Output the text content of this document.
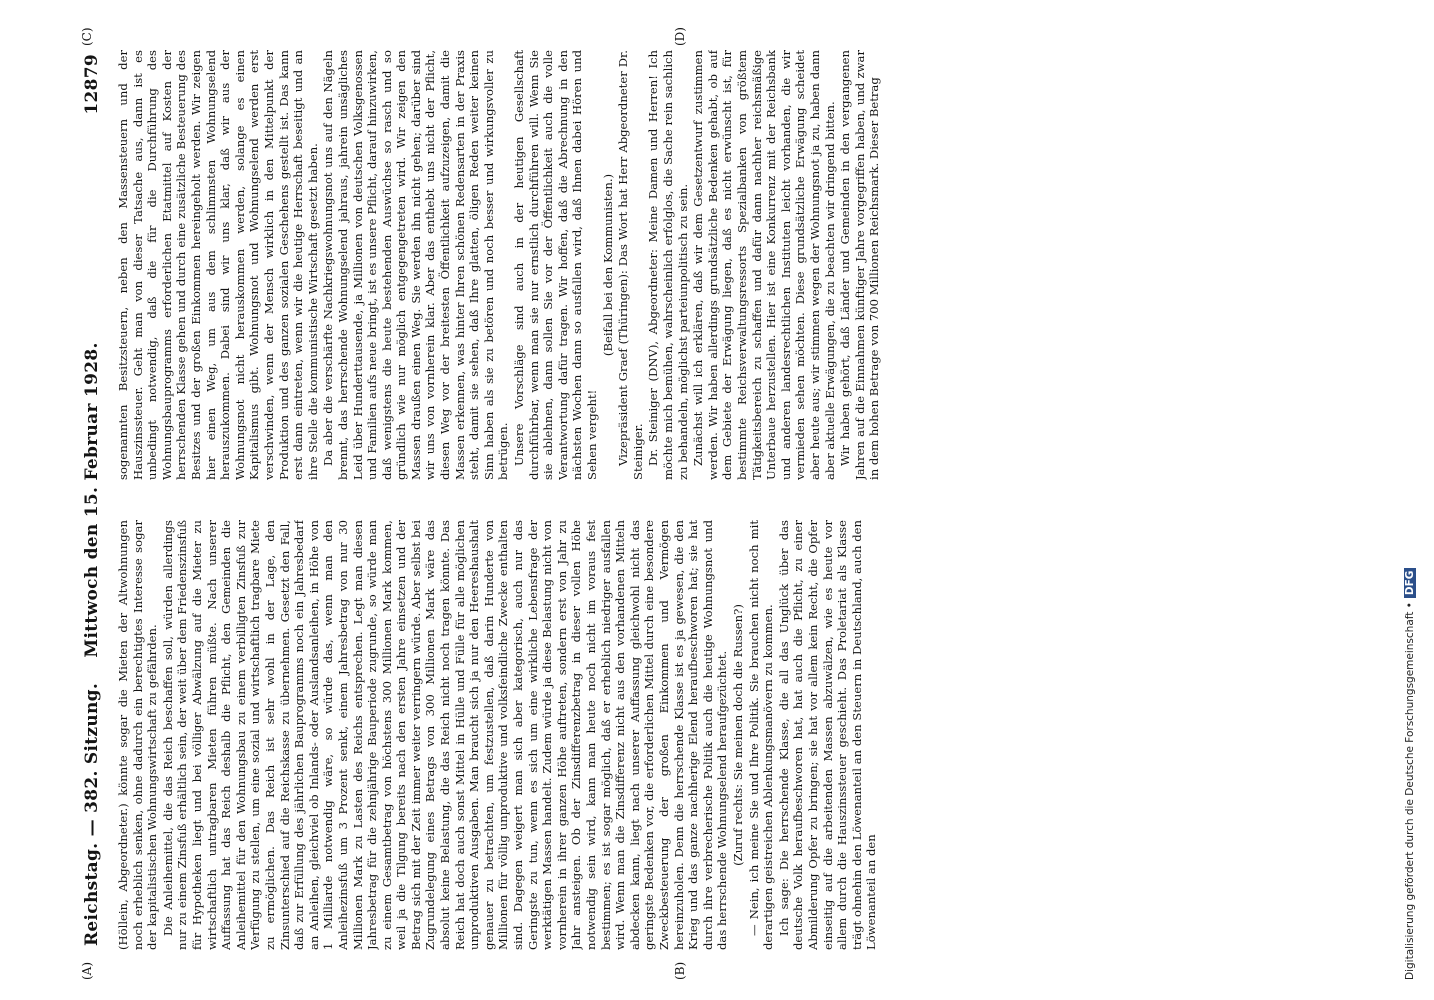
Reichstag. — 382. Sitzung.
Mittwoch den 15. Februar 1928.
12879

(Höllein, Abgeordneter.) könnte sogar die Mieten der Altwohnungen noch erheblich senken, ohne dadurch ein berechtigtes Interesse sogar der kapitalistischen Wohnungswirtschaft zu gefährden. Die Anleihemittel, die das Reich beschaffen soll, würden allerdings nur zu einem Zinsfuß erhältlich sein, der weit über dem Friedenszinsfuß für Hypotheken liegt und bei völliger Abwälzung auf die Mieter zu wirtschaftlich untragbaren Mieten führen müßte. Nach unserer Auffassung hat das Reich deshalb die Pflicht, den Gemeinden die Anleihemittel für den Wohnungsbau zu einem verbilligten Zinsfuß zur Verfügung zu stellen, um eine sozial und wirtschaftlich tragbare Miete zu ermöglichen. Das Reich ist sehr wohl in der Lage, den Zinsunterschied auf die Reichskasse zu übernehmen. Gesetzt den Fall, daß zur Erfüllung des jährlichen Bauprogramms noch ein Jahresbedarf an Anleihen, gleichviel ob Inlands- oder Auslandsanleihen, in Höhe von 1 Milliarde notwendig wäre, so würde das, wenn man den Anleihezinsfuß um 3 Prozent senkt, einem Jahresbetrag von nur 30 Millionen Mark zu Lasten des Reichs entsprechen. Legt man diesen Jahresbetrag für die zehnjährige Bauperiode zugrunde, so würde man zu einem Gesamtbetrag von höchstens 300 Millionen Mark kommen, weil ja die Tilgung bereits nach den ersten Jahre einsetzen und der Betrag sich mit der Zeit immer weiter verringern würde. Aber selbst bei Zugrundelegung eines Betrags von 300 Millionen Mark wäre das absolut keine Belastung, die das Reich nicht noch tragen könnte. Das Reich hat doch auch sonst Mittel in Hülle und Fülle für alle möglichen unproduktiven Ausgaben. Man braucht sich ja nur den Heereshaushalt genauer zu betrachten, um festzustellen, daß darin Hunderte von Millionen für völlig unproduktive und volksfeindliche Zwecke enthalten sind. Dagegen weigert man sich aber kategorisch, auch nur das Geringste zu tun, wenn es sich um eine wirkliche Lebensfrage der werktätigen Massen handelt. Zudem würde ja diese Belastung nicht von vornherein in ihrer ganzen Höhe auftreten, sondern erst von Jahr zu Jahr ansteigen. Ob der Zinsdifferenzbetrag in dieser vollen Höhe notwendig sein wird, kann man heute noch nicht im voraus fest bestimmen; es ist sogar möglich, daß er erheblich niedriger ausfallen wird. Wenn man die Zinsdifferenz nicht aus den vorhandenen Mitteln abdecken kann, liegt nach unserer Auffassung gleichwohl nicht das geringste Bedenken vor, die erforderlichen Mittel durch eine besondere Zweckbesteuerung der großen Einkommen und Vermögen hereinzuholen. Denn die herrschende Klasse ist es ja gewesen, die den Krieg und das ganze nachherige Elend heraufbeschworen hat; sie hat durch ihre verbrecherische Politik auch die heutige Wohnungsnot und das herrschende Wohnungselend heraufgezüchtet. (Zuruf rechts: Sie meinen doch die Russen?) — Nein, ich meine Sie und Ihre Politik. Sie brauchen nicht noch mit derartigen geistreichen Ablenkungsmanövern zu kommen. Ich sage: Die herrschende Klasse, die all das Unglück über das deutsche Volk heraufbeschworen hat, hat auch die Pflicht, zu einer Abmilderung Opfer zu bringen; sie hat vor allem kein Recht, die Opfer einseitig auf die arbeitenden Massen abzuwälzen, wie es heute vor allem durch die Hauszinssteuer geschieht. Das Proletariat als Klasse trägt ohnehin den Löwenanteil an den Steuern in Deutschland, auch den Löwenanteil an den

sogenannten Besitzsteuern, neben den Massensteuern und der Hauszinssteuer. Geht man von dieser Tatsache aus, dann ist es unbedingt notwendig, daß die für die Durchführung des Wohnungsbauprogramms erforderlichen Etatmittel auf Kosten der herrschenden Klasse gehen und durch eine zusätzliche Besteuerung des Besitzes und der großen Einkommen hereingeholt werden. Wir zeigen hier einen Weg, um aus dem schlimmsten Wohnungselend herauszukommen. Dabei sind wir uns klar, daß wir aus der Wohnungsnot nicht herauskommen werden, solange es einen Kapitalismus gibt. Wohnungsnot und Wohnungselend werden erst verschwinden, wenn der Mensch wirklich in den Mittelpunkt der Produktion und des ganzen sozialen Geschehens gestellt ist. Das kann erst dann eintreten, wenn wir die heutige Herrschaft beseitigt und an ihre Stelle die kommunistische Wirtschaft gesetzt haben. Da aber die verschärfte Nachkriegswohnungsnot uns auf den Nägeln brennt, das herrschende Wohnungselend jahraus, jahrein unsägliches Leid über Hunderttausende, ja Millionen von deutschen Volksgenossen und Familien aufs neue bringt, ist es unsere Pflicht, darauf hinzuwirken, daß wenigstens die heute bestehenden Auswüchse so rasch und so gründlich wie nur möglich entgegengetreten wird. Wir zeigen den Massen draußen einen Weg. Sie werden ihn nicht gehen; darüber sind wir uns von vornherein klar. Aber das enthebt uns nicht der Pflicht, diesen Weg vor der breitesten Öffentlichkeit aufzuzeigen, damit die Massen erkennen, was hinter Ihren schönen Redensarten in der Praxis steht, damit sie sehen, daß Ihre glatten, öligen Reden weiter keinen Sinn haben als sie zu betören und noch besser und wirkungsvoller zu betrügen. Unsere Vorschläge sind auch in der heutigen Gesellschaft durchführbar, wenn man sie nur ernstlich durchführen will. Wenn Sie sie ablehnen, dann sollen Sie vor der Öffentlichkeit auch die volle Verantwortung dafür tragen. Wir hoffen, daß die Abrechnung in den nächsten Wochen dann so ausfallen wird, daß Ihnen dabei Hören und Sehen vergeht!

(Beifall bei den Kommunisten.) Vizepräsident Graef (Thüringen): Das Wort hat Herr Abgeordneter Dr. Steiniger. Dr. Steiniger (DNV), Abgeordneter: Meine Damen und Herren! Ich möchte mich bemühen, wahrscheinlich erfolglos, die Sache rein sachlich zu behandeln, möglichst parteiunpolitisch zu sein. Zunächst will ich erklären, daß wir dem Gesetzentwurf zustimmen werden. Wir haben allerdings grundsätzliche Bedenken gehabt, ob auf dem Gebiete der Erwägung liegen, daß es nicht erwünscht ist, für bestimmte Reichsverwaltungsressorts Spezialbanken von größtem Tätigkeitsbereich zu schaffen und dafür dann nachher reichsmäßige Unterbaue herzustellen. Hier ist eine Konkurrenz mit der Reichsbank und anderen landesrechtlichen Instituten leicht vorhanden, die wir vermieden sehen möchten. Diese grundsätzliche Erwägung scheidet aber heute aus; wir stimmen wegen der Wohnungsnot ja zu, haben dann aber aktuelle Erwägungen, die zu beachten wir dringend bitten. Wir haben gehört, daß Länder und Gemeinden in den vergangenen Jahren auf die Einnahmen künftiger Jahre vorgegriffen haben, und zwar in dem hohen Betrage von 700 Millionen Reichsmark. Dieser Betrag

(A)	(B)
(C)	(D)
Digitalisierung gefördert durch die Deutsche Forschungsgemeinschaft •DFG
